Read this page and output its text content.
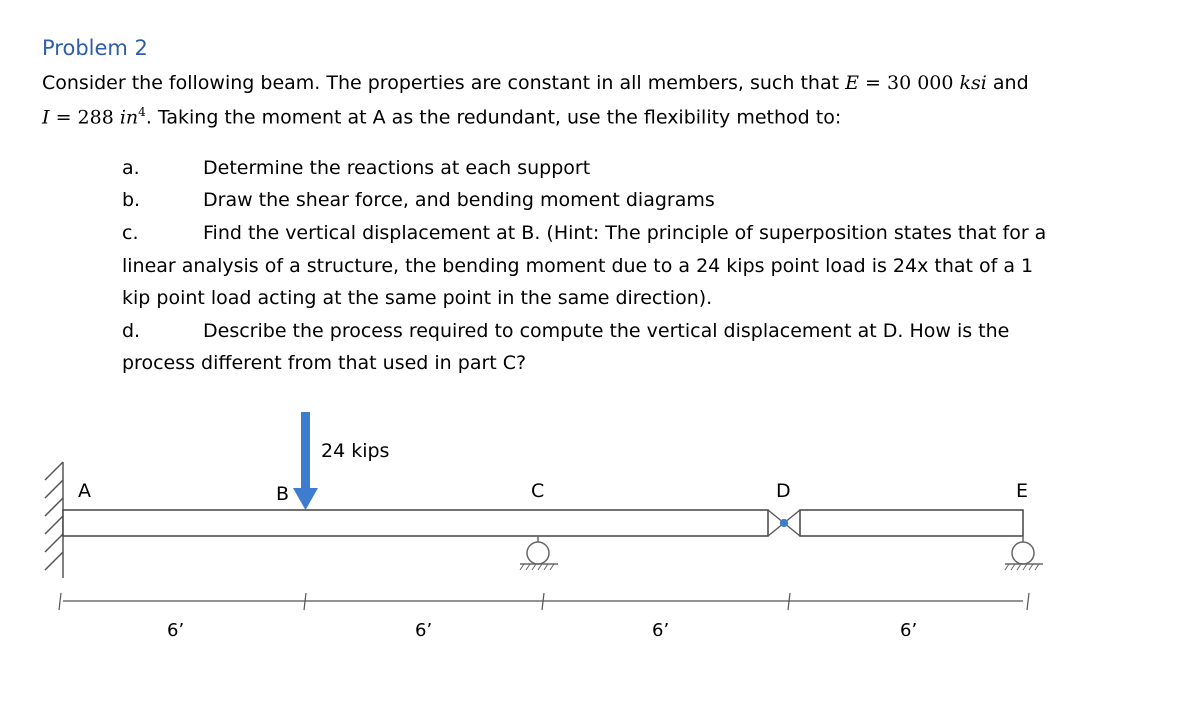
Problem 2
Consider the following beam. The properties are constant in all members, such that E = 30 000 ksi and
I = 288 $in^4$. Taking the moment at A as the redundant, use the flexibility method to:
a.	Determine the reactions at each support
b.	Draw the shear force, and bending moment diagrams
c.	Find the vertical displacement at B. (Hint: The principle of superposition states that for a
linear analysis of a structure, the bending moment due to a 24 kips point load is 24x that of a 1
kip point load acting at the same point in the same direction).
d.	Describe the process required to compute the vertical displacement at D. How is the
process different from that used in part C?
24 kips
A	B	C	D	E
6’	6’	6’	6’
